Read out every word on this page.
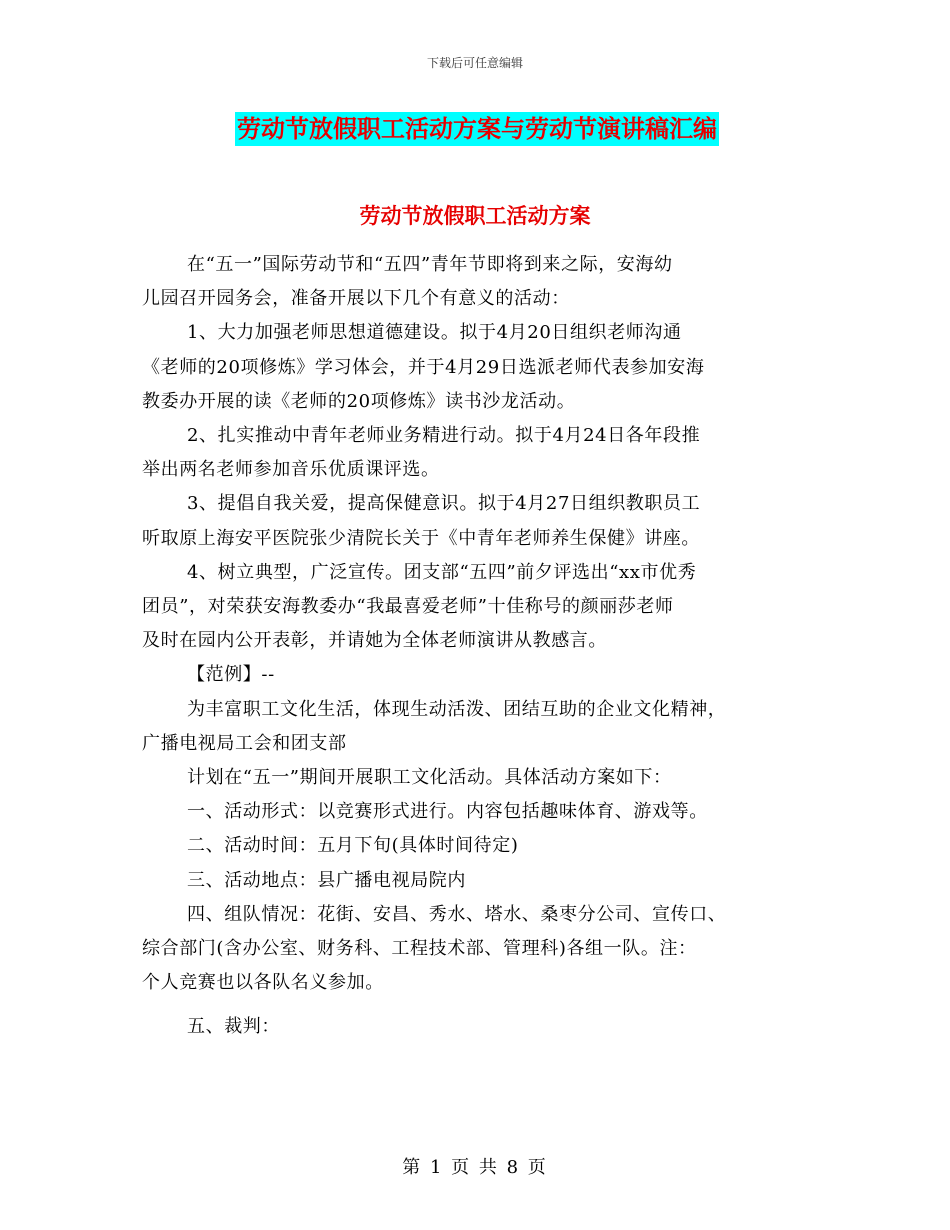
下载后可任意编辑
劳动节放假职工活动方案与劳动节演讲稿汇编
劳动节放假职工活动方案

在“五一”国际劳动节和“五四”青年节即将到来之际，安海幼

儿园召开园务会，准备开展以下几个有意义的活动：

1、大力加强老师思想道德建设。拟于4月20日组织老师沟通

《老师的20项修炼》学习体会，并于4月29日选派老师代表参加安海

教委办开展的读《老师的20项修炼》读书沙龙活动。

2、扎实推动中青年老师业务精进行动。拟于4月24日各年段推

举出两名老师参加音乐优质课评选。

3、提倡自我关爱，提高保健意识。拟于4月27日组织教职员工

听取原上海安平医院张少清院长关于《中青年老师养生保健》讲座。

4、树立典型，广泛宣传。团支部“五四”前夕评选出“xx市优秀

团员”，对荣获安海教委办“我最喜爱老师”十佳称号的颜丽莎老师

及时在园内公开表彰，并请她为全体老师演讲从教感言。

【范例】--

为丰富职工文化生活，体现生动活泼、团结互助的企业文化精神，

广播电视局工会和团支部

计划在“五一”期间开展职工文化活动。具体活动方案如下：

一、活动形式：以竞赛形式进行。内容包括趣味体育、游戏等。

二、活动时间：五月下旬(具体时间待定)

三、活动地点：县广播电视局院内

四、组队情况：花街、安昌、秀水、塔水、桑枣分公司、宣传口、

综合部门(含办公室、财务科、工程技术部、管理科)各组一队。注：

个人竞赛也以各队名义参加。

五、裁判：

第 1 页 共 8 页
